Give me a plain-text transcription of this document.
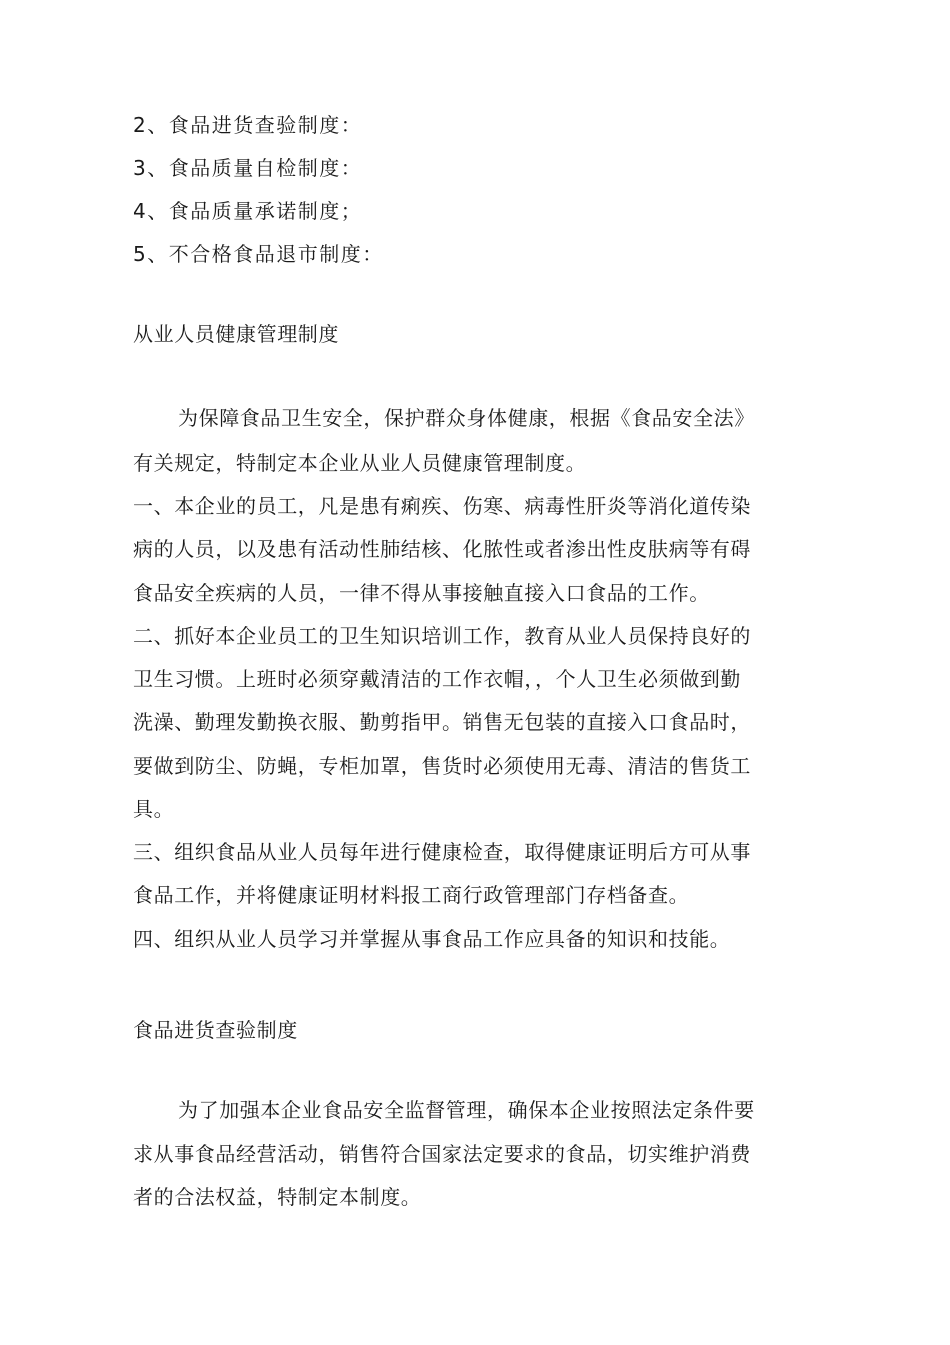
2、食品进货查验制度：
3、食品质量自检制度：
4、食品质量承诺制度；
5、不合格食品退市制度：
从业人员健康管理制度
为保障食品卫生安全，保护群众身体健康，根据《食品安全法》
有关规定，特制定本企业从业人员健康管理制度。
一、本企业的员工，凡是患有痢疾、伤寒、病毒性肝炎等消化道传染
病的人员，以及患有活动性肺结核、化脓性或者渗出性皮肤病等有碍
食品安全疾病的人员，一律不得从事接触直接入口食品的工作。
二、抓好本企业员工的卫生知识培训工作，教育从业人员保持良好的
卫生习惯。上班时必须穿戴清洁的工作衣帽，，个人卫生必须做到勤
洗澡、勤理发勤换衣服、勤剪指甲。销售无包装的直接入口食品时，
要做到防尘、防蝇，专柜加罩，售货时必须使用无毒、清洁的售货工
具。
三、组织食品从业人员每年进行健康检查，取得健康证明后方可从事
食品工作，并将健康证明材料报工商行政管理部门存档备查。
四、组织从业人员学习并掌握从事食品工作应具备的知识和技能。
食品进货查验制度
为了加强本企业食品安全监督管理，确保本企业按照法定条件要
求从事食品经营活动，销售符合国家法定要求的食品，切实维护消费
者的合法权益，特制定本制度。
